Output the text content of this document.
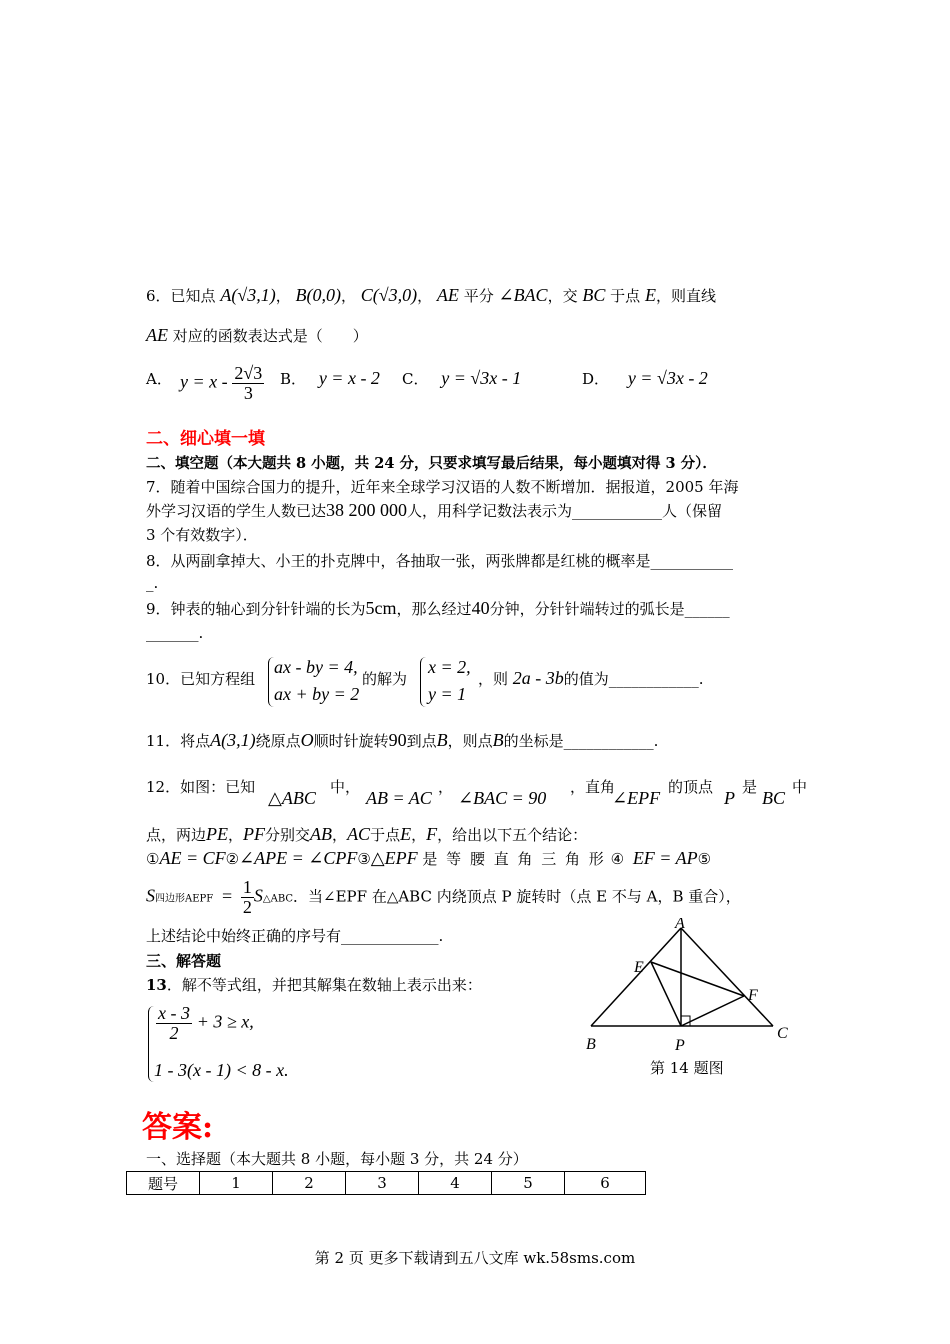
6．已知点 A(√3,1)， B(0,0)， C(√3,0)， AE 平分 ∠BAC，交 BC 于点 E，则直线
AE 对应的函数表达式是（　　）
A． $y = x - \frac{2√3}{3}$ B． y = x - 2 C． y = √3x - 1	D． y = √3x - 2
二、细心填一填
二、填空题（本大题共 8 小题，共 24 分，只要求填写最后结果，每小题填对得 3 分）．
7．随着中国综合国力的提升，近年来全球学习汉语的人数不断增加．据报道，2005 年海
外学习汉语的学生人数已达38 200 000人，用科学记数法表示为____________人（保留
3 个有效数字）．
8．从两副拿掉大、小王的扑克牌中，各抽取一张，两张牌都是红桃的概率是___________
_.
9．钟表的轴心到分针针端的长为5cm，那么经过40分钟，分针针端转过的弧长是______
_______.
10．已知方程组
ax - by = 4,
ax + by = 2
的解为
x = 2,
y = 1
，则 2a - 3b的值为____________.
11．将点A(3,1)绕原点O顺时针旋转90到点B，则点B的坐标是____________.
12．如图：已知
△ABC
中，
AB = AC
，
∠BAC = 90
，直角
∠EPF
的顶点
P
是
BC
中
点，两边PE，PF分别交AB，AC于点E，F，给出以下五个结论：
①AE = CF②∠APE = ∠CPF③△EPF 是 等 腰 直 角 三 角 形 ④ EF = AP⑤
S四边形AEPF = $\frac{1}{2}$ S△ABC．当∠EPF 在△ABC 内绕顶点 P 旋转时（点 E 不与 A，B 重合），
上述结论中始终正确的序号有_____________.
三、解答题
13．解不等式组，并把其解集在数轴上表示出来：
$\frac{x - 3}{2} + 3 \ge x$,
1 - 3(x - 1) < 8 - x.
A
B
C
E
F
P
第 14 题图
答案:
一、选择题（本大题共 8 小题，每小题 3 分，共 24 分）
题号	1	2	3	4	5	6
第 2 页 更多下载请到五八文库 wk.58sms.com
